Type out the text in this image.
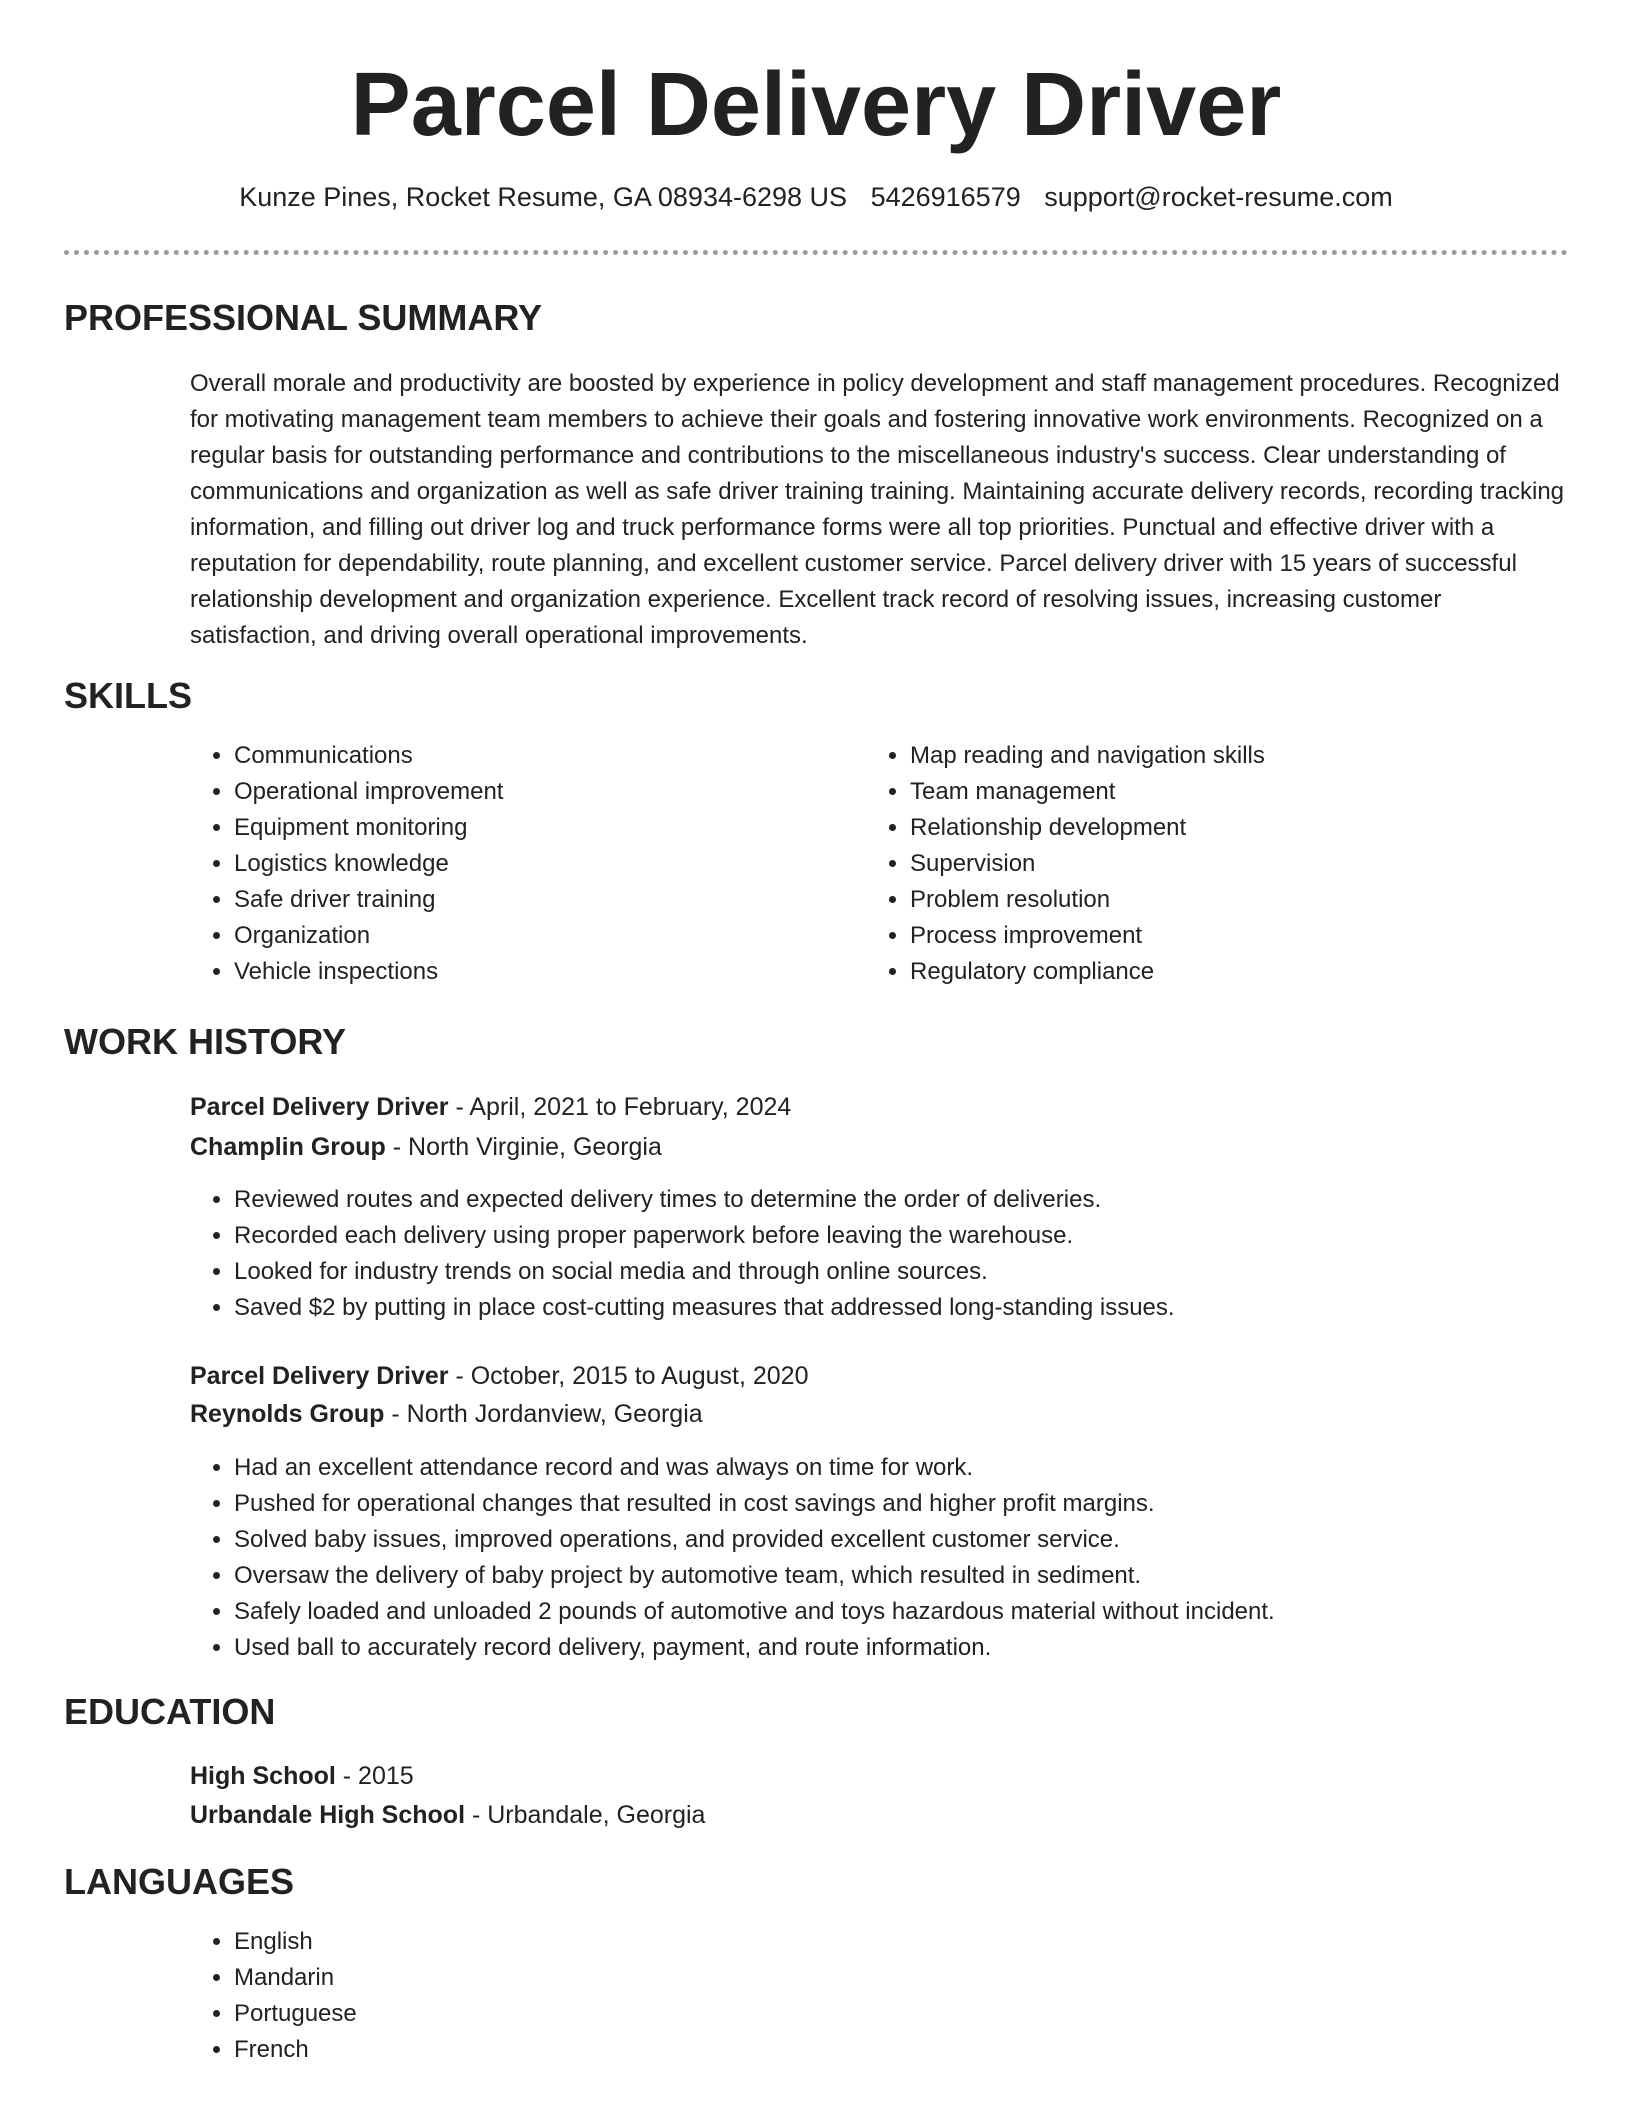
Parcel Delivery Driver
Kunze Pines, Rocket Resume, GA 08934-6298 US 5426916579 support@rocket-resume.com
PROFESSIONAL SUMMARY

Overall morale and productivity are boosted by experience in policy development and staff management procedures. Recognized for motivating management team members to achieve their goals and fostering innovative work environments. Recognized on a regular basis for outstanding performance and contributions to the miscellaneous industry's success. Clear understanding of communications and organization as well as safe driver training training. Maintaining accurate delivery records, recording tracking information, and filling out driver log and truck performance forms were all top priorities. Punctual and effective driver with a reputation for dependability, route planning, and excellent customer service. Parcel delivery driver with 15 years of successful relationship development and organization experience. Excellent track record of resolving issues, increasing customer satisfaction, and driving overall operational improvements.

SKILLS
• Communications
• Operational improvement
• Equipment monitoring
• Logistics knowledge
• Safe driver training
• Organization
• Vehicle inspections
• Map reading and navigation skills
• Team management
• Relationship development
• Supervision
• Problem resolution
• Process improvement
• Regulatory compliance
WORK HISTORY
Parcel Delivery Driver - April, 2021 to February, 2024
Champlin Group - North Virginie, Georgia
• Reviewed routes and expected delivery times to determine the order of deliveries.
• Recorded each delivery using proper paperwork before leaving the warehouse.
• Looked for industry trends on social media and through online sources.
• Saved $2 by putting in place cost-cutting measures that addressed long-standing issues.
Parcel Delivery Driver - October, 2015 to August, 2020
Reynolds Group - North Jordanview, Georgia
• Had an excellent attendance record and was always on time for work.
• Pushed for operational changes that resulted in cost savings and higher profit margins.
• Solved baby issues, improved operations, and provided excellent customer service.
• Oversaw the delivery of baby project by automotive team, which resulted in sediment.
• Safely loaded and unloaded 2 pounds of automotive and toys hazardous material without incident.
• Used ball to accurately record delivery, payment, and route information.
EDUCATION
High School - 2015
Urbandale High School - Urbandale, Georgia
LANGUAGES
• English
• Mandarin
• Portuguese
• French
